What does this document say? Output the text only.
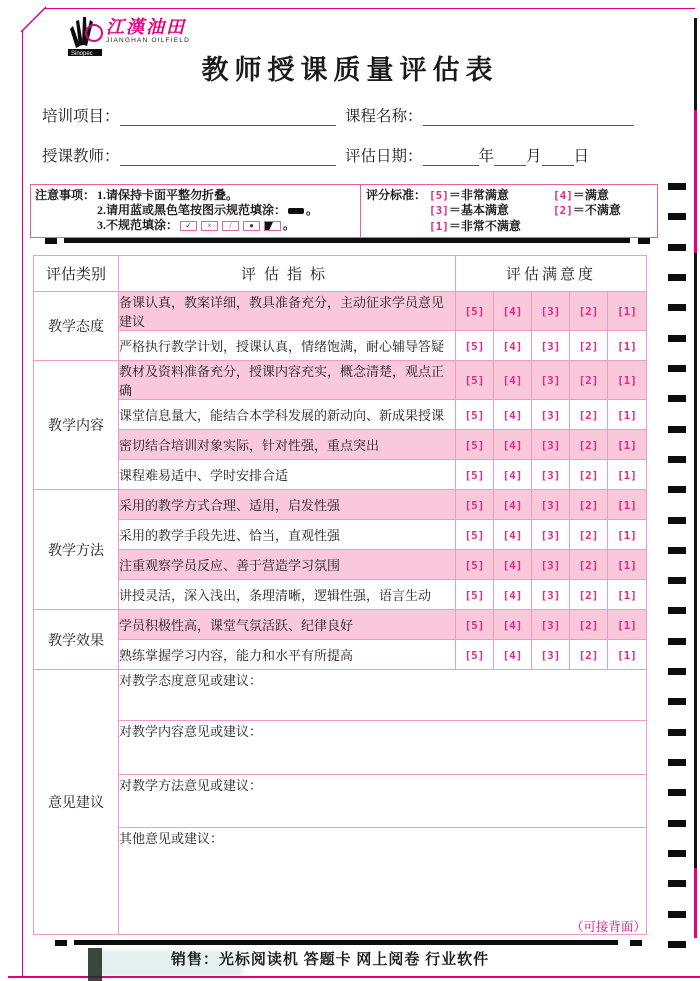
Sinopec
江漢油田
JIANGHAN OILFIELD
教师授课质量评估表
培训项目：	课程名称：
授课教师：	评估日期：	年 月 日
注意事项： 1.请保持卡面平整勿折叠。
2.请用蓝或黑色笔按图示规范填涂： 。
3.不规范填涂： ✓ × / ● 。
评分标准： [5]＝非常满意	[4]＝满意
[3]＝基本满意	[2]＝不满意
[1]＝非常不满意
评估类别	评估指标	评估满意度				
教学态度	备课认真，教案详细，教具准备充分，主动征求学员意见建议	[5]	[4]	[3]	[2]	[1]
	严格执行教学计划，授课认真，情绪饱满，耐心辅导答疑	[5]	[4]	[3]	[2]	[1]
教学内容	教材及资料准备充分，授课内容充实，概念清楚，观点正确	[5]	[4]	[3]	[2]	[1]
	课堂信息量大，能结合本学科发展的新动向、新成果授课	[5]	[4]	[3]	[2]	[1]
	密切结合培训对象实际，针对性强，重点突出	[5]	[4]	[3]	[2]	[1]
	课程难易适中、学时安排合适	[5]	[4]	[3]	[2]	[1]
教学方法	采用的教学方式合理、适用，启发性强	[5]	[4]	[3]	[2]	[1]
	采用的教学手段先进、恰当，直观性强	[5]	[4]	[3]	[2]	[1]
	注重观察学员反应、善于营造学习氛围	[5]	[4]	[3]	[2]	[1]
	讲授灵活，深入浅出，条理清晰，逻辑性强，语言生动	[5]	[4]	[3]	[2]	[1]
教学效果	学员积极性高，课堂气氛活跃、纪律良好	[5]	[4]	[3]	[2]	[1]
	熟练掌握学习内容，能力和水平有所提高	[5]	[4]	[3]	[2]	[1]
意见建议	对教学态度意见或建议：					
	对教学内容意见或建议：					
	对教学方法意见或建议：					
	其他意见或建议：					
（可接背面）
销售：光标阅读机 答题卡 网上阅卷 行业软件
